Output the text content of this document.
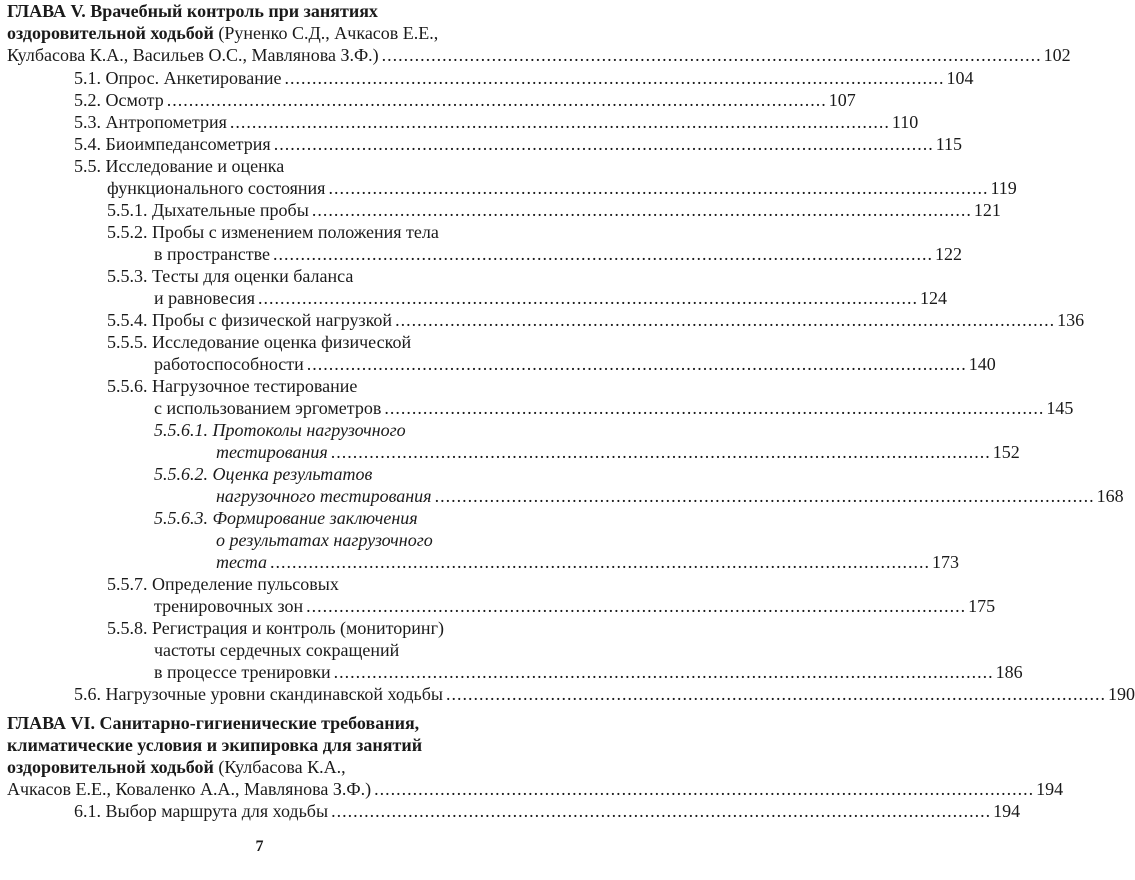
ГЛАВА V. Врачебный контроль при занятиях
оздоровительной ходьбой (Руненко С.Д., Ачкасов Е.Е.,
Кулбасова К.А., Васильев О.С., Мавлянова З.Ф.) ........................................................................................................................ 102
5.1. Опрос. Анкетирование ........................................................................................................................ 104
5.2. Осмотр ........................................................................................................................ 107
5.3. Антропометрия ........................................................................................................................ 110
5.4. Биоимпедансометрия ........................................................................................................................ 115
5.5. Исследование и оценка
функционального состояния ........................................................................................................................ 119
5.5.1. Дыхательные пробы ........................................................................................................................ 121
5.5.2. Пробы с изменением положения тела
в пространстве ........................................................................................................................ 122
5.5.3. Тесты для оценки баланса
и равновесия ........................................................................................................................ 124
5.5.4. Пробы с физической нагрузкой ........................................................................................................................ 136
5.5.5. Исследование оценка физической
работоспособности ........................................................................................................................ 140
5.5.6. Нагрузочное тестирование
с использованием эргометров ........................................................................................................................ 145
5.5.6.1. Протоколы нагрузочного
тестирования ........................................................................................................................ 152
5.5.6.2. Оценка результатов
нагрузочного тестирования ........................................................................................................................ 168
5.5.6.3. Формирование заключения
о результатах нагрузочного
теста ........................................................................................................................ 173
5.5.7. Определение пульсовых
тренировочных зон ........................................................................................................................ 175
5.5.8. Регистрация и контроль (мониторинг)
частоты сердечных сокращений
в процессе тренировки ........................................................................................................................ 186
5.6. Нагрузочные уровни скандинавской ходьбы ........................................................................................................................ 190
ГЛАВА VI. Санитарно-гигиенические требования,
климатические условия и экипировка для занятий
оздоровительной ходьбой (Кулбасова К.А.,
Ачкасов Е.Е., Коваленко А.А., Мавлянова З.Ф.) ........................................................................................................................ 194
6.1. Выбор маршрута для ходьбы ........................................................................................................................ 194
7
